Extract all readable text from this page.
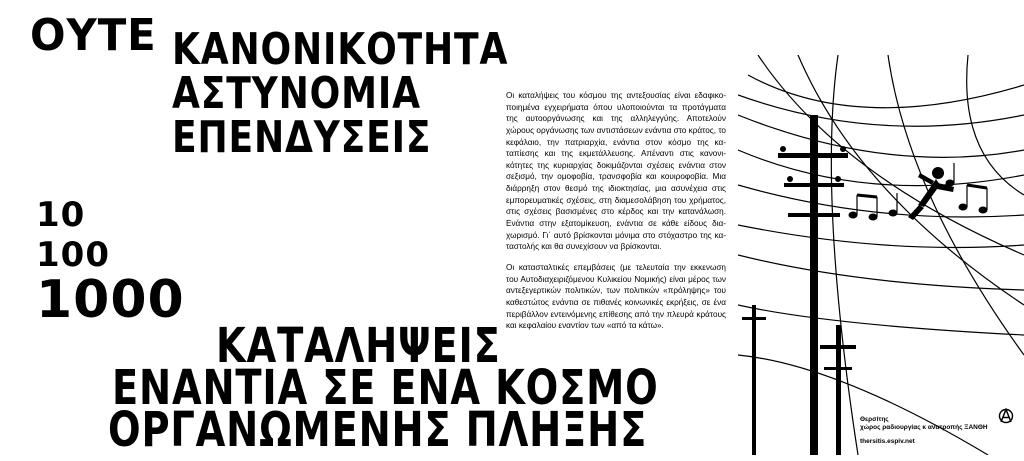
ΟΥΤΕ ΚΑΝΟΝΙΚΟΤΗΤΑ
ΑΣΤΥΝΟΜΙΑ
ΕΠΕΝΔΥΣΕΙΣ
10
100
1000
ΚΑΤΑΛΗΨΕΙΣ
ΕΝΑΝΤΙΑ ΣΕ ΕΝΑ ΚΟΣΜΟ
ΟΡΓΑΝΩΜΕΝΗΣ ΠΛΗΞΗΣ

Οι καταλήψεις του κόσμου της αντεξουσίας είναι εδαφικοποιημένα εγχειρήματα όπου υλοποιούνται τα προτάγματα της αυτοοργάνωσης και της αλληλεγγύης. Αποτελούν χώρους οργάνωσης των αντιστάσεων ενάντια στο κράτος, το κεφάλαιο, την πατριαρχία, ενάντια στον κόσμο της καταπίεσης και της εκμετάλλευσης. Απέναντι στις κανονικότητες της κυριαρχίας δοκιμάζονται σχέσεις ενάντια στον σεξισμό, την ομοφοβία, τρανσφοβία και κουιροφοβία. Μια διάρρηξη στον θεσμό της ιδιοκτησίας, μια ασυνέχεια στις εμπορευματικές σχέσεις, στη διαμεσολάβηση του χρήματος, στις σχέσεις βασισμένες στο κέρδος και την κατανάλωση. Ενάντια στην εξατομίκευση, ενάντια σε κάθε είδους διαχωρισμό. Γι΄ αυτό βρίσκονται μόνιμα στο στόχαστρο της καταστολής και θα συνεχίσουν να βρίσκονται.

Οι κατασταλτικές επεμβάσεις (με τελευταία την εκκενωση του Αυτοδιαχειριζόμενου Κυλικείου Νομικής) είναι μέρος των αντεξεγερτικών πολιτικών, των πολιτικών «πρόληψης» του καθεστώτος ενάντια σε πιθανές κοινωνικές εκρήξεις, σε ένα περιβάλλον εντεινόμενης επίθεσης από την πλευρά κράτους και κεφαλαίου εναντίον των «από τα κάτω».

Θερσίτης
χώρος ραδιουργίας κ ανατροπής ΞΑΝΘΗ
thersitis.espiv.net
